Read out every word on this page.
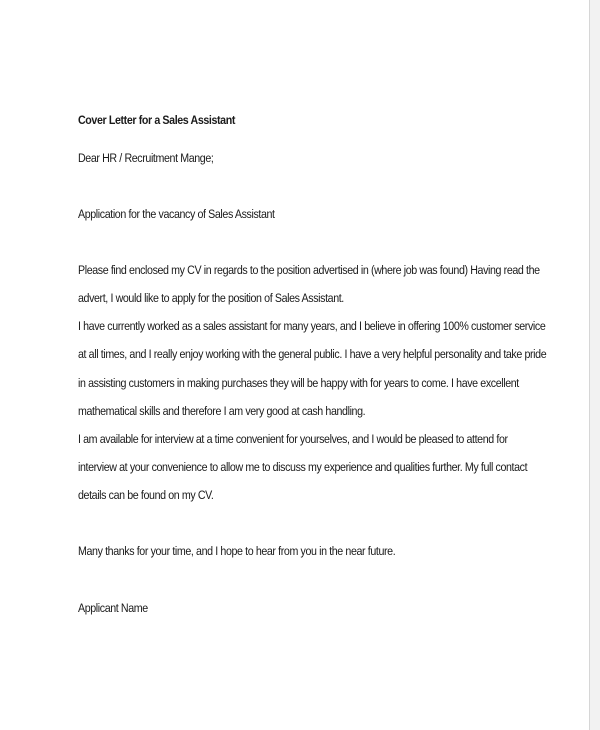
Cover Letter for a Sales Assistant
Dear HR / Recruitment Mange;
Application for the vacancy of Sales Assistant
Please find enclosed my CV in regards to the position advertised in (where job was found) Having read the
advert, I would like to apply for the position of Sales Assistant.
I have currently worked as a sales assistant for many years, and I believe in offering 100% customer service
at all times, and I really enjoy working with the general public. I have a very helpful personality and take pride
in assisting customers in making purchases they will be happy with for years to come. I have excellent
mathematical skills and therefore I am very good at cash handling.
I am available for interview at a time convenient for yourselves, and I would be pleased to attend for
interview at your convenience to allow me to discuss my experience and qualities further. My full contact
details can be found on my CV.
Many thanks for your time, and I hope to hear from you in the near future.
Applicant Name
